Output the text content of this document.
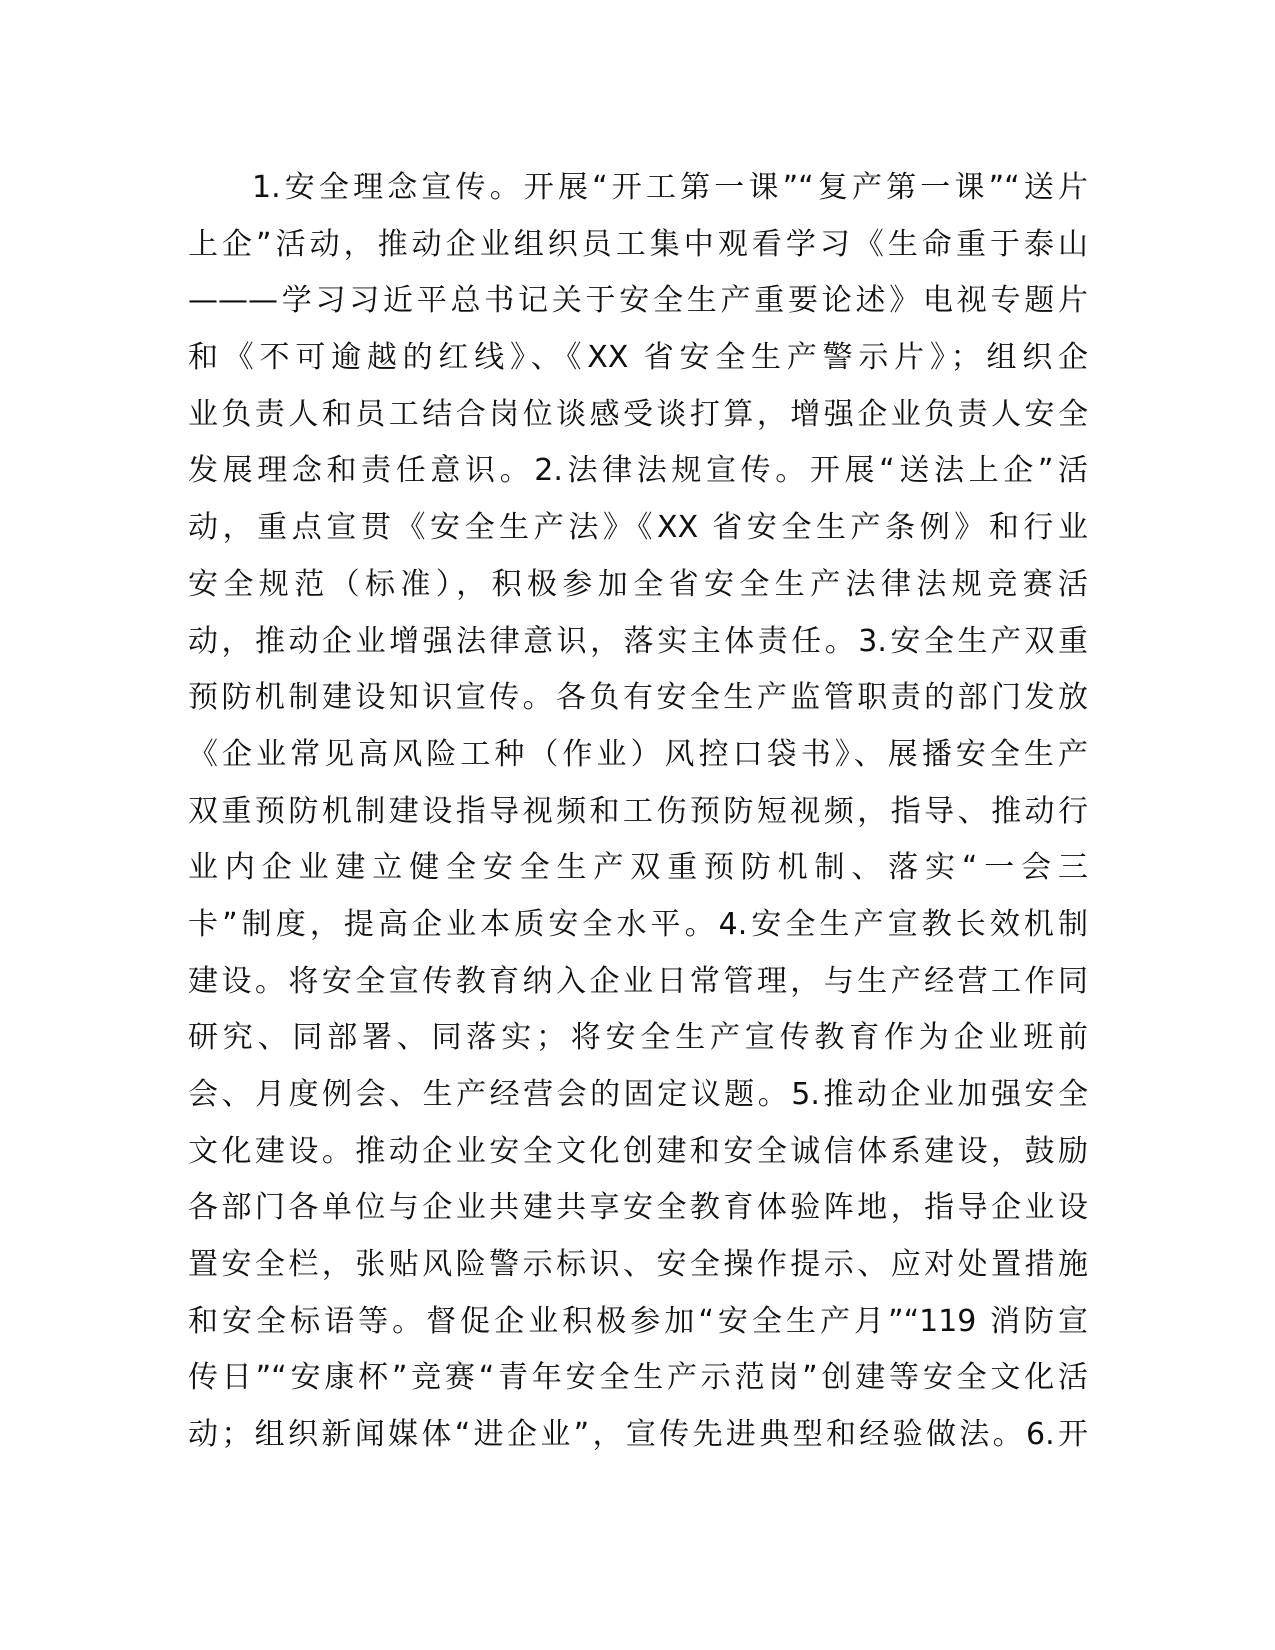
1.安全理念宣传。开展“开工第一课”“复产第一课”“送片
上企”活动，推动企业组织员工集中观看学习《生命重于泰山
———学习习近平总书记关于安全生产重要论述》电视专题片
和《不可逾越的红线》、《XX 省安全生产警示片》；组织企
业负责人和员工结合岗位谈感受谈打算，增强企业负责人安全
发展理念和责任意识。2.法律法规宣传。开展“送法上企”活
动，重点宣贯《安全生产法》《XX 省安全生产条例》和行业
安全规范（标准），积极参加全省安全生产法律法规竞赛活
动，推动企业增强法律意识，落实主体责任。3.安全生产双重
预防机制建设知识宣传。各负有安全生产监管职责的部门发放
《企业常见高风险工种（作业）风控口袋书》、展播安全生产
双重预防机制建设指导视频和工伤预防短视频，指导、推动行
业内企业建立健全安全生产双重预防机制、落实“一会三
卡”制度，提高企业本质安全水平。4.安全生产宣教长效机制
建设。将安全宣传教育纳入企业日常管理，与生产经营工作同
研究、同部署、同落实；将安全生产宣传教育作为企业班前
会、月度例会、生产经营会的固定议题。5.推动企业加强安全
文化建设。推动企业安全文化创建和安全诚信体系建设，鼓励
各部门各单位与企业共建共享安全教育体验阵地，指导企业设
置安全栏，张贴风险警示标识、安全操作提示、应对处置措施
和安全标语等。督促企业积极参加“安全生产月”“119 消防宣
传日”“安康杯”竞赛“青年安全生产示范岗”创建等安全文化活
动；组织新闻媒体“进企业”，宣传先进典型和经验做法。6.开
